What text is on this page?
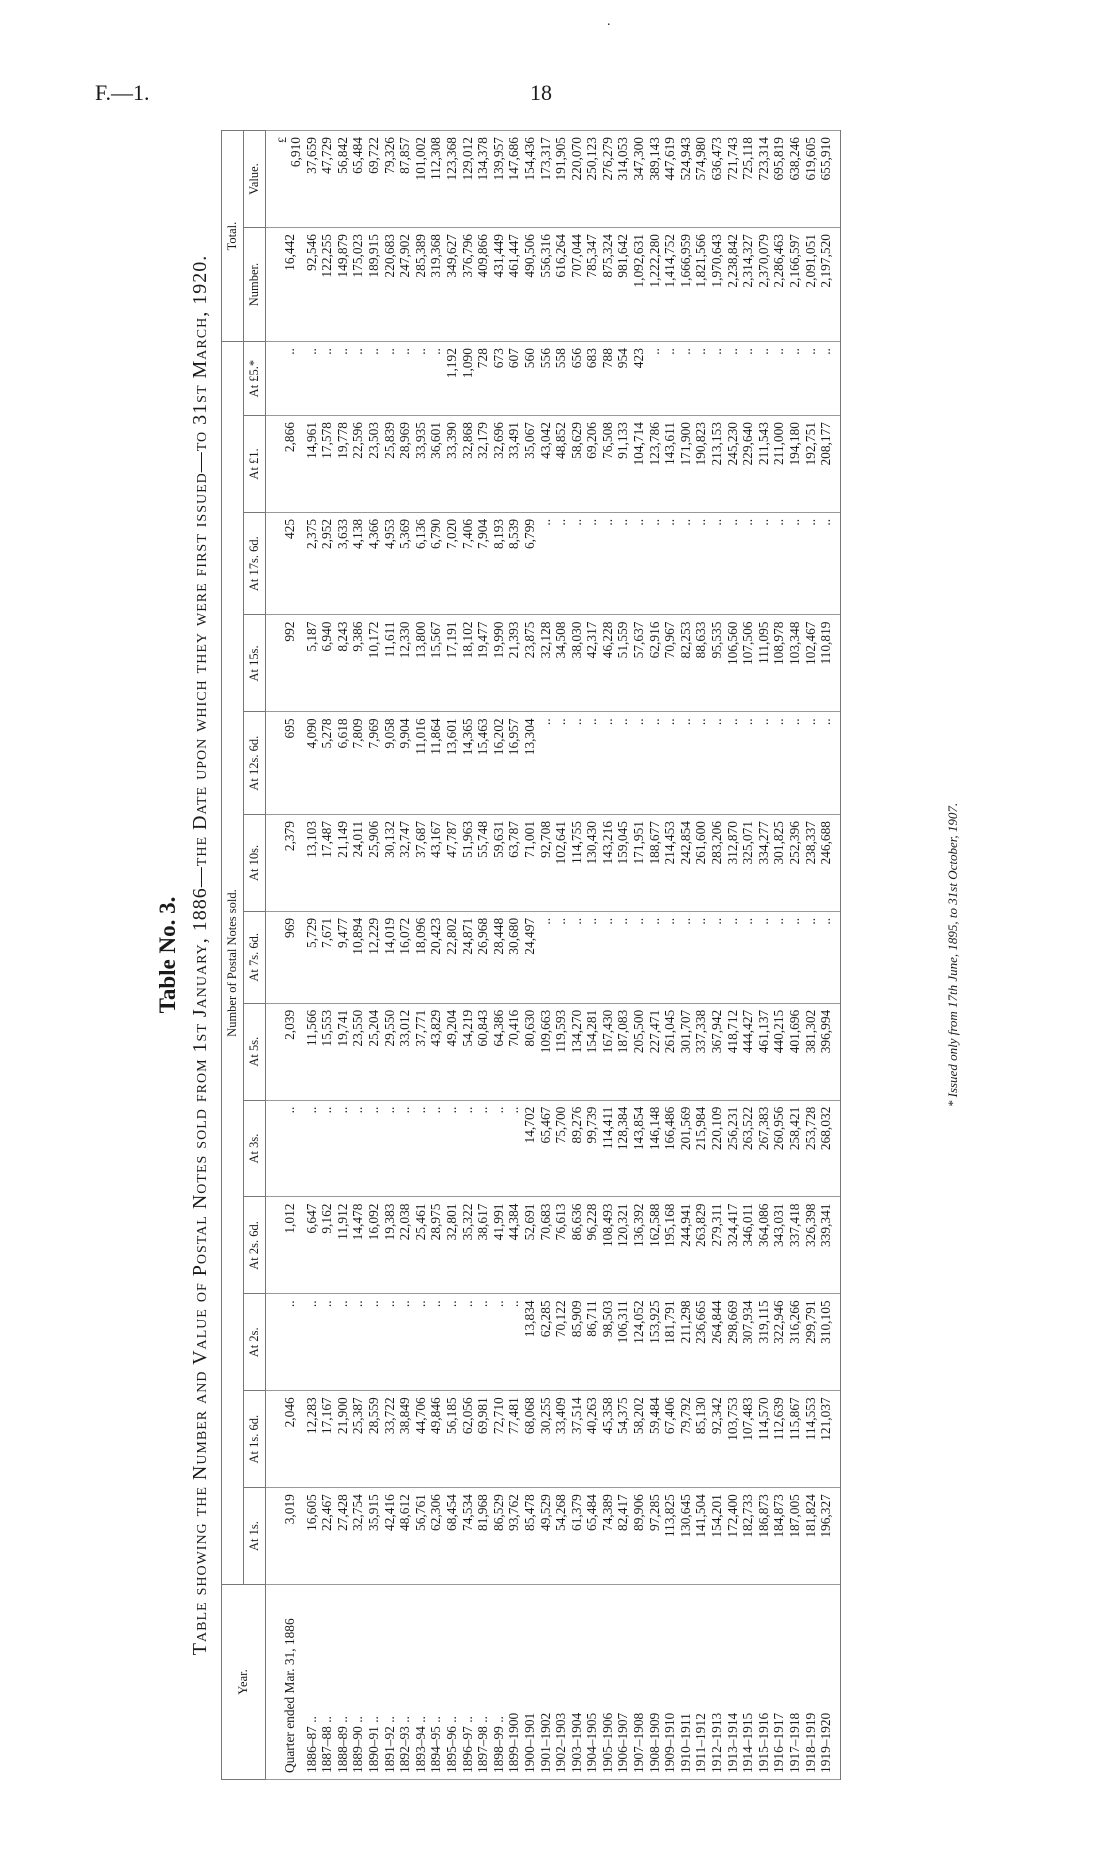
.
F.—1.	18
Table No. 3. Table showing the Number and Value of Postal Notes sold from 1st January, 1886—the Date upon which they were first issued—to 31st March, 1920.
Year.	Number of Postal Notes sold.													Total.	
	At 1s.	At 1s. 6d.	At 2s.	At 2s. 6d.	At 3s.	At 5s.	At 7s. 6d.	At 10s.	At 12s. 6d.	At 15s.	At 17s. 6d.	At £1.	At £5.*	Number.	Value.
Quarter ended Mar. 31, 1886	3,019	2,046	..	1,012	..	2,039	969	2,379	695	992	425	2,866	..	16,442	£ 6,910
1886–87 ..	16,605	12,283	..	6,647	..	11,566	5,729	13,103	4,090	5,187	2,375	14,961	..	92,546	37,659
1887–88 ..	22,467	17,167	..	9,162	..	15,553	7,671	17,487	5,278	6,940	2,952	17,578	..	122,255	47,729
1888–89 ..	27,428	21,900	..	11,912	..	19,741	9,477	21,149	6,618	8,243	3,633	19,778	..	149,879	56,842
1889–90 ..	32,754	25,387	..	14,478	..	23,550	10,894	24,011	7,809	9,386	4,138	22,596	..	175,023	65,484
1890–91 ..	35,915	28,559	..	16,092	..	25,204	12,229	25,906	7,969	10,172	4,366	23,503	..	189,915	69,722
1891–92 ..	42,416	33,722	..	19,383	..	29,550	14,019	30,132	9,058	11,611	4,953	25,839	..	220,683	79,326
1892–93 ..	48,612	38,849	..	22,038	..	33,012	16,072	32,747	9,904	12,330	5,369	28,969	..	247,902	87,857
1893–94 ..	56,761	44,706	..	25,461	..	37,771	18,096	37,687	11,016	13,800	6,136	33,935	..	285,389	101,002
1894–95 ..	62,306	49,846	..	28,975	..	43,829	20,423	43,167	11,864	15,567	6,790	36,601	..	319,368	112,308
1895–96 ..	68,454	56,185	..	32,801	..	49,204	22,802	47,787	13,601	17,191	7,020	33,390	1,192	349,627	123,368
1896–97 ..	74,534	62,056	..	35,322	..	54,219	24,871	51,963	14,365	18,102	7,406	32,868	1,090	376,796	129,012
1897–98 ..	81,968	69,981	..	38,617	..	60,843	26,968	55,748	15,463	19,477	7,904	32,179	728	409,866	134,378
1898–99 ..	86,529	72,710	..	41,991	..	64,386	28,448	59,631	16,202	19,990	8,193	32,696	673	431,449	139,957
1899–1900	93,762	77,481	..	44,384	..	70,416	30,680	63,787	16,957	21,393	8,539	33,491	607	461,447	147,686
1900–1901	85,478	68,068	13,834	52,691	14,702	80,630	24,497	71,001	13,304	23,875	6,799	35,067	560	490,506	154,436
1901–1902	49,529	30,255	62,285	70,683	65,467	109,663	..	92,708	..	32,128	..	43,042	556	556,316	173,317
1902–1903	54,268	33,409	70,122	76,613	75,700	119,593	..	102,641	..	34,508	..	48,852	558	616,264	191,905
1903–1904	61,379	37,514	85,909	86,636	89,276	134,270	..	114,755	..	38,030	..	58,629	656	707,044	220,070
1904–1905	65,484	40,263	86,711	96,228	99,739	154,281	..	130,430	..	42,317	..	69,206	683	785,347	250,123
1905–1906	74,389	45,358	98,503	108,493	114,411	167,430	..	143,216	..	46,228	..	76,508	788	875,324	276,279
1906–1907	82,417	54,375	106,311	120,321	128,384	187,083	..	159,045	..	51,559	..	91,133	954	981,642	314,053
1907–1908	89,906	58,202	124,052	136,392	143,854	205,500	..	171,951	..	57,637	..	104,714	423	1,092,631	347,300
1908–1909	97,285	59,484	153,925	162,588	146,148	227,471	..	188,677	..	62,916	..	123,786	..	1,222,280	389,143
1909–1910	113,825	67,406	181,791	195,168	166,486	261,045	..	214,453	..	70,967	..	143,611	..	1,414,752	447,619
1910–1911	130,645	79,792	211,298	244,941	201,569	301,707	..	242,854	..	82,253	..	171,900	..	1,666,959	524,943
1911–1912	141,504	85,130	236,665	263,829	215,984	337,338	..	261,600	..	88,633	..	190,823	..	1,821,566	574,980
1912–1913	154,201	92,342	264,844	279,311	220,109	367,942	..	283,206	..	95,535	..	213,153	..	1,970,643	636,473
1913–1914	172,400	103,753	298,669	324,417	256,231	418,712	..	312,870	..	106,560	..	245,230	..	2,238,842	721,743
1914–1915	182,733	107,483	307,934	346,011	263,522	444,427	..	325,071	..	107,506	..	229,640	..	2,314,327	725,118
1915–1916	186,873	114,570	319,115	364,086	267,383	461,137	..	334,277	..	111,095	..	211,543	..	2,370,079	723,314
1916–1917	184,873	112,639	322,946	343,031	260,956	440,215	..	301,825	..	108,978	..	211,000	..	2,286,463	695,819
1917–1918	187,005	115,867	316,266	337,418	258,421	401,696	..	252,396	..	103,348	..	194,180	..	2,166,597	638,246
1918–1919	181,824	114,553	299,791	326,398	253,728	381,302	..	238,337	..	102,467	..	192,751	..	2,091,051	619,605
1919–1920	196,327	121,037	310,105	339,341	268,032	396,994	..	246,688	..	110,819	..	208,177	..	2,197,520	655,910
* Issued only from 17th June, 1895, to 31st October, 1907.
